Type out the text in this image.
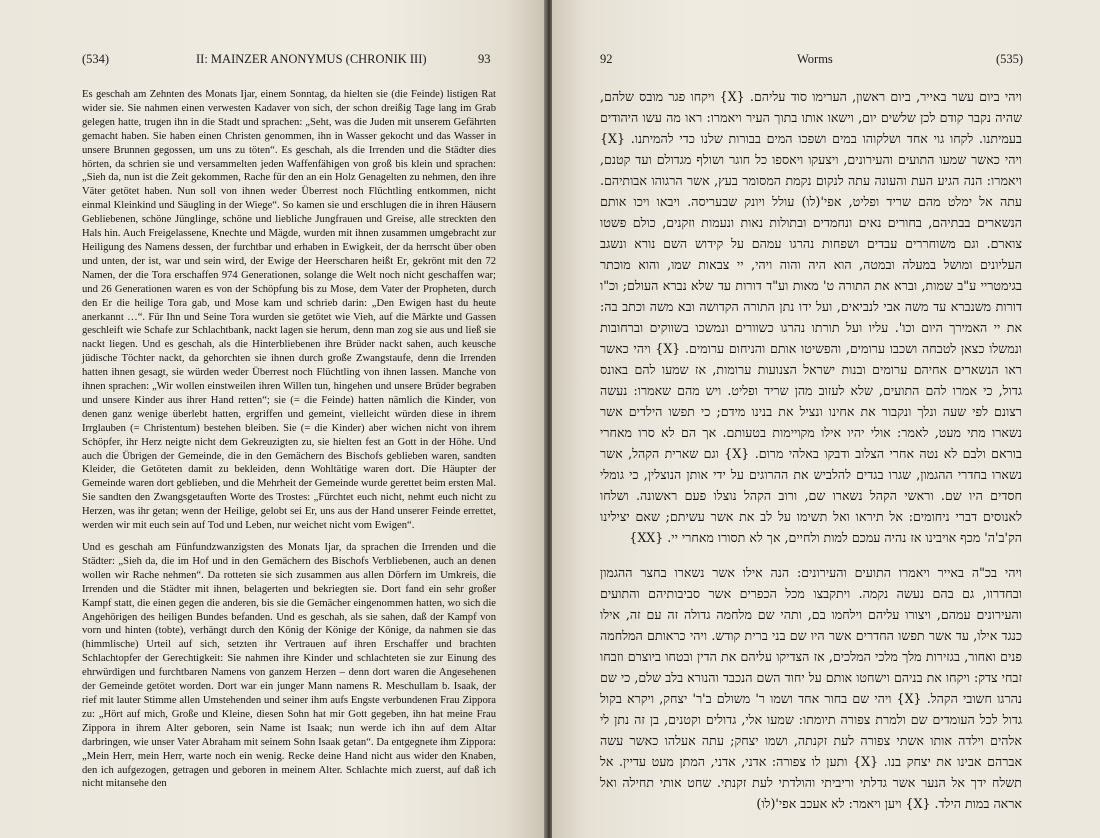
(534)	II: MAINZER ANONYMUS (CHRONIK III)	93

Es geschah am Zehnten des Monats Ijar, einem Sonntag, da hielten sie (die Feinde) listigen Rat wider sie. Sie nahmen einen verwesten Kadaver von sich, der schon dreißig Tage lang im Grab gelegen hatte, trugen ihn in die Stadt und sprachen: „Seht, was die Juden mit unserem Gefährten gemacht haben. Sie haben einen Christen genommen, ihn in Wasser gekocht und das Wasser in unsere Brunnen gegossen, um uns zu töten“. Es geschah, als die Irrenden und die Städter dies hörten, da schrien sie und versammelten jeden Waffenfähigen von groß bis klein und sprachen: „Sieh da, nun ist die Zeit gekommen, Rache für den an ein Holz Genagelten zu nehmen, den ihre Väter getötet haben. Nun soll von ihnen weder Überrest noch Flüchtling entkommen, nicht einmal Kleinkind und Säugling in der Wiege“. So kamen sie und erschlugen die in ihren Häusern Gebliebenen, schöne Jünglinge, schöne und liebliche Jungfrauen und Greise, alle streckten den Hals hin. Auch Freigelassene, Knechte und Mägde, wurden mit ihnen zusammen umgebracht zur Heiligung des Namens dessen, der furchtbar und erhaben in Ewigkeit, der da herrscht über oben und unten, der ist, war und sein wird, der Ewige der Heerscharen heißt Er, gekrönt mit den 72 Namen, der die Tora erschaffen 974 Generationen, solange die Welt noch nicht geschaffen war; und 26 Generationen waren es von der Schöpfung bis zu Mose, dem Vater der Propheten, durch den Er die heilige Tora gab, und Mose kam und schrieb darin: „Den Ewigen hast du heute anerkannt …“. Für Ihn und Seine Tora wurden sie getötet wie Vieh, auf die Märkte und Gassen geschleift wie Schafe zur Schlachtbank, nackt lagen sie herum, denn man zog sie aus und ließ sie nackt liegen. Und es geschah, als die Hinterbliebenen ihre Brüder nackt sahen, auch keusche jüdische Töchter nackt, da gehorchten sie ihnen durch große Zwangstaufe, denn die Irrenden hatten ihnen gesagt, sie würden weder Überrest noch Flüchtling von ihnen lassen. Manche von ihnen sprachen: „Wir wollen einstweilen ihren Willen tun, hingehen und unsere Brüder begraben und unsere Kinder aus ihrer Hand retten“; sie (= die Feinde) hatten nämlich die Kinder, von denen ganz wenige überlebt hatten, ergriffen und gemeint, vielleicht würden diese in ihrem Irrglauben (= Christentum) bestehen bleiben. Sie (= die Kinder) aber wichen nicht von ihrem Schöpfer, ihr Herz neigte nicht dem Gekreuzigten zu, sie hielten fest an Gott in der Höhe. Und auch die Übrigen der Gemeinde, die in den Gemächern des Bischofs geblieben waren, sandten Kleider, die Getöteten damit zu bekleiden, denn Wohltätige waren dort. Die Häupter der Gemeinde waren dort geblieben, und die Mehrheit der Gemeinde wurde gerettet beim ersten Mal. Sie sandten den Zwangsgetauften Worte des Trostes: „Fürchtet euch nicht, nehmt euch nicht zu Herzen, was ihr getan; wenn der Heilige, gelobt sei Er, uns aus der Hand unserer Feinde errettet, werden wir mit euch sein auf Tod und Leben, nur weichet nicht vom Ewigen“.

Und es geschah am Fünfundzwanzigsten des Monats Ijar, da sprachen die Irrenden und die Städter: „Sieh da, die im Hof und in den Gemächern des Bischofs Verbliebenen, auch an denen wollen wir Rache nehmen“. Da rotteten sie sich zusammen aus allen Dörfern im Umkreis, die Irrenden und die Städter mit ihnen, belagerten und bekriegten sie. Dort fand ein sehr großer Kampf statt, die einen gegen die anderen, bis sie die Gemächer eingenommen hatten, wo sich die Angehörigen des heiligen Bundes befanden. Und es geschah, als sie sahen, daß der Kampf von vorn und hinten (tobte), verhängt durch den König der Könige der Könige, da nahmen sie das (himmlische) Urteil auf sich, setzten ihr Vertrauen auf ihren Erschaffer und brachten Schlachtopfer der Gerechtigkeit: Sie nahmen ihre Kinder und schlachteten sie zur Einung des ehrwürdigen und furchtbaren Namens von ganzem Herzen – denn dort waren die Angesehenen der Gemeinde getötet worden. Dort war ein junger Mann namens R. Meschullam b. Isaak, der rief mit lauter Stimme allen Umstehenden und seiner ihm aufs Engste verbundenen Frau Zippora zu: „Hört auf mich, Große und Kleine, diesen Sohn hat mir Gott gegeben, ihn hat meine Frau Zippora in ihrem Alter geboren, sein Name ist Isaak; nun werde ich ihn auf dem Altar darbringen, wie unser Vater Abraham mit seinem Sohn Isaak getan“. Da entgegnete ihm Zippora: „Mein Herr, mein Herr, warte noch ein wenig. Recke deine Hand nicht aus wider den Knaben, den ich aufgezogen, getragen und geboren in meinem Alter. Schlachte mich zuerst, auf daß ich nicht mitansehe den

92	Worms	(535)

ויהי ביום עשר באייר, ביום ראשון, הערימו סוד עליהם. {X} ויקחו פגר מובס שלהם, שהיה נקבר קודם לכן שלשים יום, וישאו אותו בתוך העיר ויאמרו: ראו מה עשו היהודים בעמיתנו. לקחו גוי אחד ושלקוהו במים ושפכו המים בבורות שלנו כדי להמיתנו. {X} ויהי כאשר שמעו התועים והעירונים, ויצעקו ויאספו כל חוגר ושולף מגדולם ועד קטנם, ויאמרו: הנה הגיע העת והעונה עתה לנקום נקמת המסומר בעץ, אשר הרגוהו אבותיהם. עתה אל ימלט מהם שריד ופליט, אפי'(לו) עולל ויונק שבעריסה. ויבאו ויכו אותם הנשארים בבתיהם, בחורים נאים ונחמדים ובתולות נאות ונעמות וזקנים, כולם פשטו צוארם. וגם משוחררים עבדים ושפחות נהרגו עמהם על קידוש השם נורא ונשגב העליונים ומושל במעלה ובמטה, הוא היה והוה ויהי, יי צבאות שמו, והוא מוכתר בגימטריי ע"ב שמות, וברא את התורה ט' מאות וע"ד דורות עד שלא נברא העולם; וכ"ו דורות משנברא עד משה אבי לנביאים, ועל ידו נתן התורה הקדושה ובא משה וכתב בה: את יי האמירך היום וכו'. עליו ועל תורתו נהרגו כשוורים ונמשכו בשווקים וברחובות ונמשלו כצאן לטבחה ושכבו ערומים, והפשיטו אותם והניחום ערומים. {X} ויהי כאשר ראו הנשארים אחיהם ערומים ובנות ישראל הצנועות ערומות, אז שמעו להם באונס גדול, כי אמרו להם התועים, שלא לעזוב מהן שריד ופליט. ויש מהם שאמרו: נעשה רצונם לפי שעה ונלך ונקבור את אחינו ונציל את בנינו מידם; כי תפשו הילדים אשר נשארו מתי מעט, לאמר: אולי יהיו אילו מקויימות בטעותם. אך הם לא סרו מאחרי בוראם ולבם לא נטה אחרי הצלוב ודבקו באלהי מרום. {X} וגם שארית הקהל, אשר נשארו בחדרי ההגמון, שגרו בגדים להלביש את ההרוגים על ידי אותן הנוצלין, כי גומלי חסדים היו שם. וראשי הקהל נשארו שם, ורוב הקהל נוצלו פעם ראשונה. ושלחו לאנוסים דברי ניחומים: אל תיראו ואל תשימו על לב את אשר עשיתם; שאם יצילינו הק'ב'ה' מכף אויבינו אז נהיה עמכם למות ולחיים, אך לא תסורו מאחרי יי. {XX}

ויהי בכ"ה באייר ויאמרו התועים והעירונים: הנה אילו אשר נשארו בחצר ההגמון ובחדרוו, גם בהם נעשה נקמה. ויתקבצו מכל הכפרים אשר סביבותיהם והתועים והעירונים עמהם, ויצורו עליהם וילחמו בם, ותהי שם מלחמה גדולה זה עם זה, אילו כנגד אילו, עד אשר תפשו החדרים אשר היו שם בני ברית קודש. ויהי כראותם המלחמה פנים ואחור, בגזירות מלך מלכי המלכים, אז הצדיקו עליהם את הדין ובטחו ביוצרם וזבחו זבחי צדק: ויקחו את בניהם וישחטו אותם על יחוד השם הנכבד והנורא בלב שלם, כי שם נהרגו חשובי הקהל. {X} ויהי שם בחור אחד ושמו ר' משולם ב'ר' יצחק, ויקרא בקול גדול לכל העומדים שם ולמרת צפורה תיומתו: שמעו אלי, גדולים וקטנים, בן זה נתן לי אלהים וילדה אותו אשתי צפורה לעת זקנתה, ושמו יצחק; עתה אעלהו כאשר עשה אברהם אבינו את יצחק בנו. {X} ותען לו צפורה: אדני, אדני, המתן מעט עדיין. אל תשלח ידך אל הנער אשר גדלתי וריביתי והולדתי לעת זקנתי. שחט אותי תחילה ואל אראה במות הילד. {X} ויען ויאמר: לא אעכב אפי'(לו)
